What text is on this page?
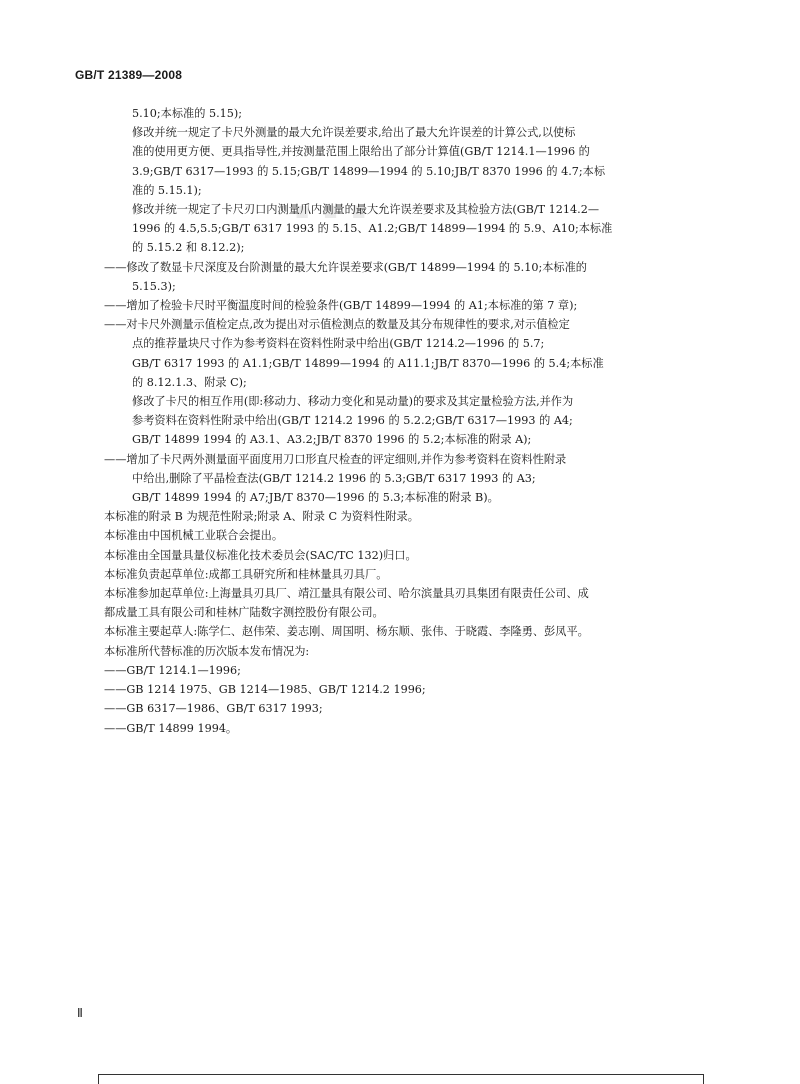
GB/T 21389—2008
...

5.10;本标准的 5.15);

修改并统一规定了卡尺外测量的最大允许误差要求,给出了最大允许误差的计算公式,以使标

准的使用更方便、更具指导性,并按测量范围上限给出了部分计算值(GB/T 1214.1—1996 的

3.9;GB/T 6317—1993 的 5.15;GB/T 14899—1994 的 5.10;JB/T 8370 1996 的 4.7;本标

准的 5.15.1);

修改并统一规定了卡尺刃口内测量爪内测量的最大允许误差要求及其检验方法(GB/T 1214.2—

1996 的 4.5,5.5;GB/T 6317 1993 的 5.15、A1.2;GB/T 14899—1994 的 5.9、A10;本标准

的 5.15.2 和 8.12.2);

——修改了数显卡尺深度及台阶测量的最大允许误差要求(GB/T 14899—1994 的 5.10;本标准的

5.15.3);

——增加了检验卡尺时平衡温度时间的检验条件(GB/T 14899—1994 的 A1;本标准的第 7 章);

——对卡尺外测量示值检定点,改为提出对示值检测点的数量及其分布规律性的要求,对示值检定

点的推荐量块尺寸作为参考资料在资料性附录中给出(GB/T 1214.2—1996 的 5.7;

GB/T 6317 1993 的 A1.1;GB/T 14899—1994 的 A11.1;JB/T 8370—1996 的 5.4;本标准

的 8.12.1.3、附录 C);

修改了卡尺的相互作用(即:移动力、移动力变化和晃动量)的要求及其定量检验方法,并作为

参考资料在资料性附录中给出(GB/T 1214.2 1996 的 5.2.2;GB/T 6317—1993 的 A4;

GB/T 14899 1994 的 A3.1、A3.2;JB/T 8370 1996 的 5.2;本标准的附录 A);

——增加了卡尺两外测量面平面度用刀口形直尺检查的评定细则,并作为参考资料在资料性附录

中给出,删除了平晶检查法(GB/T 1214.2 1996 的 5.3;GB/T 6317 1993 的 A3;

GB/T 14899 1994 的 A7;JB/T 8370—1996 的 5.3;本标准的附录 B)。

本标准的附录 B 为规范性附录;附录 A、附录 C 为资料性附录。

本标准由中国机械工业联合会提出。

本标准由全国量具量仪标准化技术委员会(SAC/TC 132)归口。

本标准负责起草单位:成都工具研究所和桂林量具刃具厂。

本标准参加起草单位:上海量具刃具厂、靖江量具有限公司、哈尔滨量具刃具集团有限责任公司、成

都成量工具有限公司和桂林广陆数字测控股份有限公司。

本标准主要起草人:陈学仁、赵伟荣、姜志刚、周国明、杨东顺、张伟、于晓霞、李隆勇、彭凤平。

本标准所代替标准的历次版本发布情况为:

——GB/T 1214.1—1996;

——GB 1214 1975、GB 1214—1985、GB/T 1214.2 1996;

——GB 6317—1986、GB/T 6317 1993;

——GB/T 14899 1994。

Ⅱ
